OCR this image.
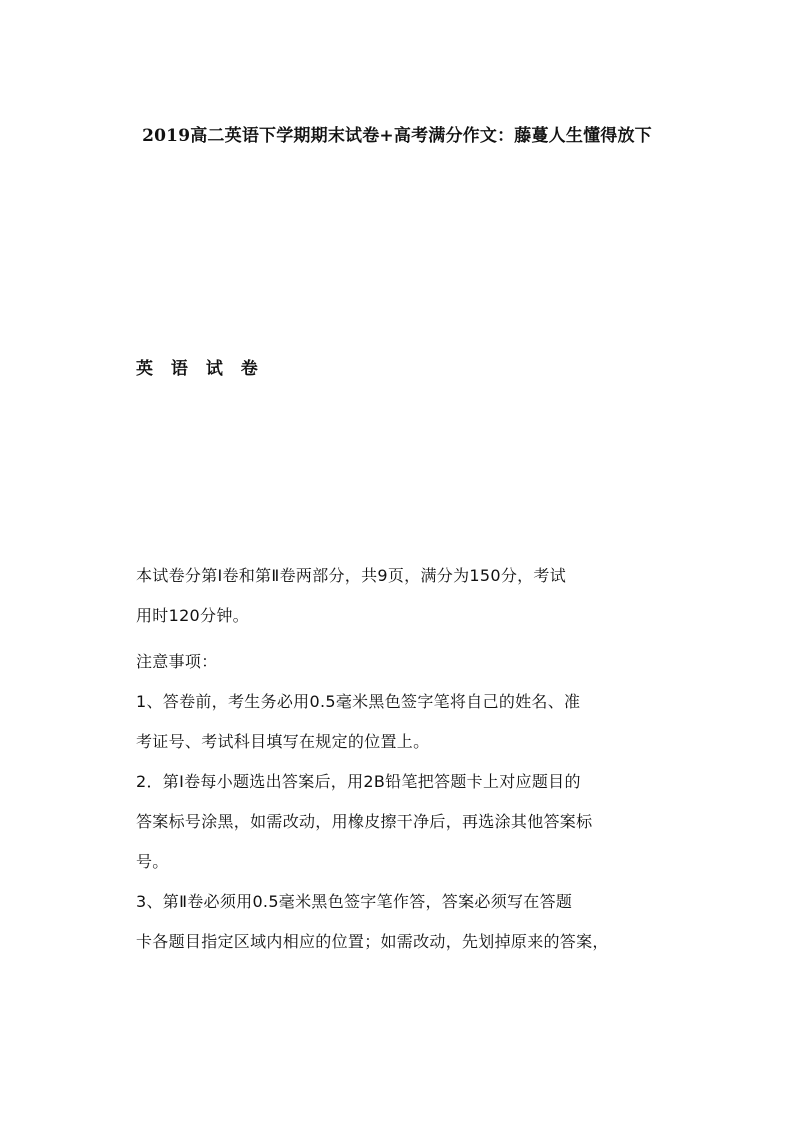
2019高二英语下学期期末试卷+高考满分作文：藤蔓人生懂得放下
英 语 试 卷

本试卷分第Ⅰ卷和第Ⅱ卷两部分，共9页，满分为150分，考试

用时120分钟。

注意事项：

1、答卷前，考生务必用0.5毫米黑色签字笔将自己的姓名、准

考证号、考试科目填写在规定的位置上。

2．第Ⅰ卷每小题选出答案后，用2B铅笔把答题卡上对应题目的

答案标号涂黑，如需改动，用橡皮擦干净后，再选涂其他答案标

号。

3、第Ⅱ卷必须用0.5毫米黑色签字笔作答，答案必须写在答题

卡各题目指定区域内相应的位置；如需改动，先划掉原来的答案，
